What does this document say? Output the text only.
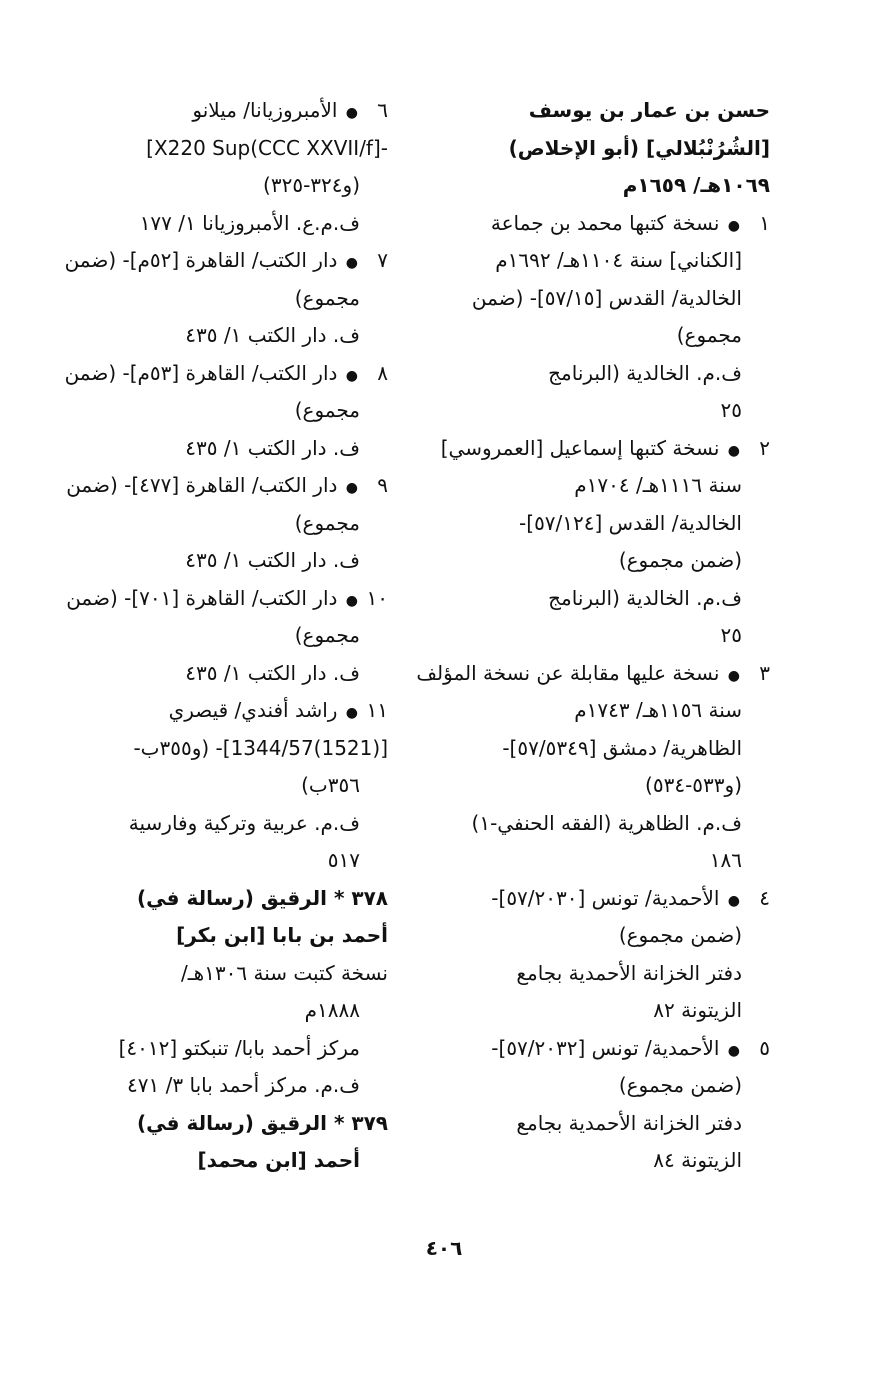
حسن بن عمار بن يوسف
[الشُرُنْبُلالي] (أبو الإخلاص)
١٠٦٩هـ/ ١٦٥٩م
١● نسخة كتبها محمد بن جماعة
[الكناني] سنة ١١٠٤هـ/ ١٦٩٢م
الخالدية/ القدس [٥٧/١٥]- (ضمن
مجموع)
ف.م. الخالدية (البرنامج
٢٥
٢● نسخة كتبها إسماعيل [العمروسي]
سنة ١١١٦هـ/ ١٧٠٤م
الخالدية/ القدس [٥٧/١٢٤]-
(ضمن مجموع)
ف.م. الخالدية (البرنامج
٢٥
٣● نسخة عليها مقابلة عن نسخة المؤلف
سنة ١١٥٦هـ/ ١٧٤٣م
الظاهرية/ دمشق [٥٧/٥٣٤٩]-
(و٥٣٣-٥٣٤)
ف.م. الظاهرية (الفقه الحنفي-١)
١٨٦
٤● الأحمدية/ تونس [٥٧/٢٠٣٠]-
(ضمن مجموع)
دفتر الخزانة الأحمدية بجامع
الزيتونة ٨٢
٥● الأحمدية/ تونس [٥٧/٢٠٣٢]-
(ضمن مجموع)
دفتر الخزانة الأحمدية بجامع
الزيتونة ٨٤
٦● الأمبروزيانا/ ميلانو
-[X220 Sup(CCC XXVII/f]
(و٣٢٤-٣٢٥)
ف.م.ع. الأمبروزيانا ١/ ١٧٧
٧● دار الكتب/ القاهرة [٥٢م]- (ضمن
مجموع)
ف. دار الكتب ١/ ٤٣٥
٨● دار الكتب/ القاهرة [٥٣م]- (ضمن
مجموع)
ف. دار الكتب ١/ ٤٣٥
٩● دار الكتب/ القاهرة [٤٧٧]- (ضمن
مجموع)
ف. دار الكتب ١/ ٤٣٥
١٠● دار الكتب/ القاهرة [٧٠١]- (ضمن
مجموع)
ف. دار الكتب ١/ ٤٣٥
١١● راشد أفندي/ قيصري
[(1521)1344/57]- (و٣٥٥ب-
٣٥٦ب)
ف.م. عربية وتركية وفارسية
٥١٧
٣٧٨ * الرقيق (رسالة في)
أحمد بن بابا [ابن بكر]
نسخة كتبت سنة ١٣٠٦هـ/
١٨٨٨م
مركز أحمد بابا/ تنبكتو [٤٠١٢]
ف.م. مركز أحمد بابا ٣/ ٤٧١
٣٧٩ * الرقيق (رسالة في)
أحمد [ابن محمد]
٤٠٦
